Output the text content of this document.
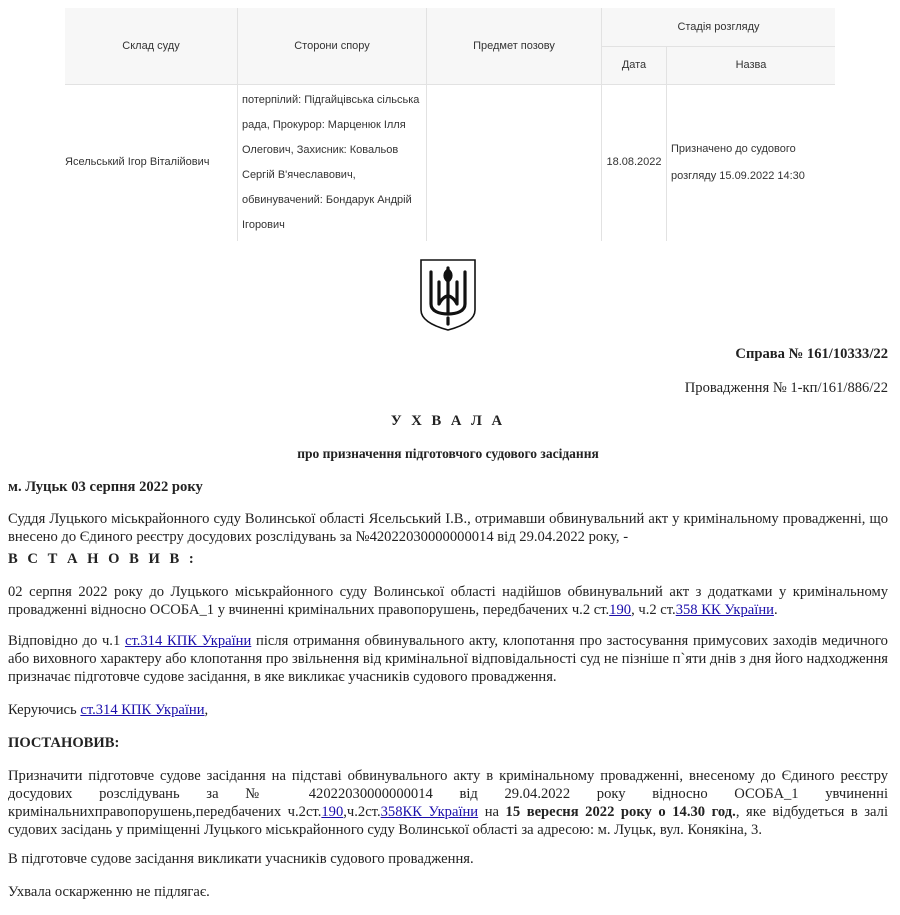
Склад суду	Сторони спору	Предмет позову	Стадія розгляду	
			Дата	Назва
Ясельський Ігор Віталійович	потерпілий: Підгайцівська сільська рада, Прокурор: Марценюк Ілля Олегович, Захисник: Ковальов Сергій В'ячеславович, обвинувачений: Бондарук Андрій Ігорович		18.08.2022	Призначено до судового розгляду 15.09.2022 14:30

Справа № 161/10333/22

Провадження № 1-кп/161/886/22

У Х В А Л А

про призначення підготовчого судового засідання

м. Луцьк 03 серпня 2022 року

Суддя Луцького міськрайонного суду Волинської області Ясельський І.В., отримавши обвинувальний акт у кримінальному провадженні, що внесено до Єдиного реєстру досудових розслідувань за №42022030000000014 від 29.04.2022 року, -

В С Т А Н О В И В :

02 серпня 2022 року до Луцького міськрайонного суду Волинської області надійшов обвинувальний акт з додатками у кримінальному провадженні відносно ОСОБА_1 у вчиненні кримінальних правопорушень, передбачених ч.2 ст.190, ч.2 ст.358 КК України.

Відповідно до ч.1 ст.314 КПК України після отримання обвинувального акту, клопотання про застосування примусових заходів медичного або виховного характеру або клопотання про звільнення від кримінальної відповідальності суд не пізніше п`яти днів з дня його надходження призначає підготовче судове засідання, в яке викликає учасників судового провадження.

Керуючись ст.314 КПК України,

ПОСТАНОВИВ:

Призначити підготовче судове засідання на підставі обвинувального акту в кримінальному провадженні, внесеному до Єдиного реєстру досудових розслідувань за № 42022030000000014 від 29.04.2022 року відносно ОСОБА_1 увчиненні кримінальнихправопорушень,передбачених ч.2ст.190,ч.2ст.358КК України на 15 вересня 2022 року о 14.30 год., яке відбудеться в залі судових засідань у приміщенні Луцького міськрайонного суду Волинської області за адресою: м. Луцьк, вул. Конякіна, 3.

В підготовче судове засідання викликати учасників судового провадження.

Ухвала оскарженню не підлягає.
